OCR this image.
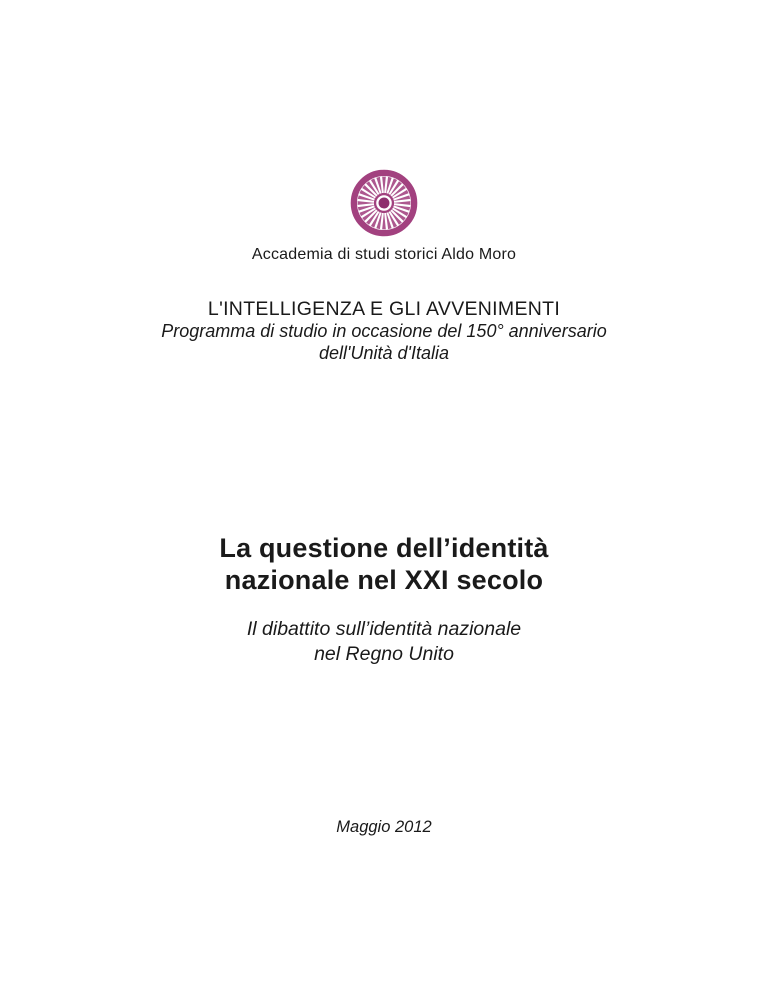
Accademia di studi storici Aldo Moro
L'INTELLIGENZA E GLI AVVENIMENTI
Programma di studio in occasione del 150° anniversario
dell'Unità d'Italia
La questione dell’identità
nazionale nel XXI secolo
Il dibattito sull’identità nazionale
nel Regno Unito
Maggio 2012
